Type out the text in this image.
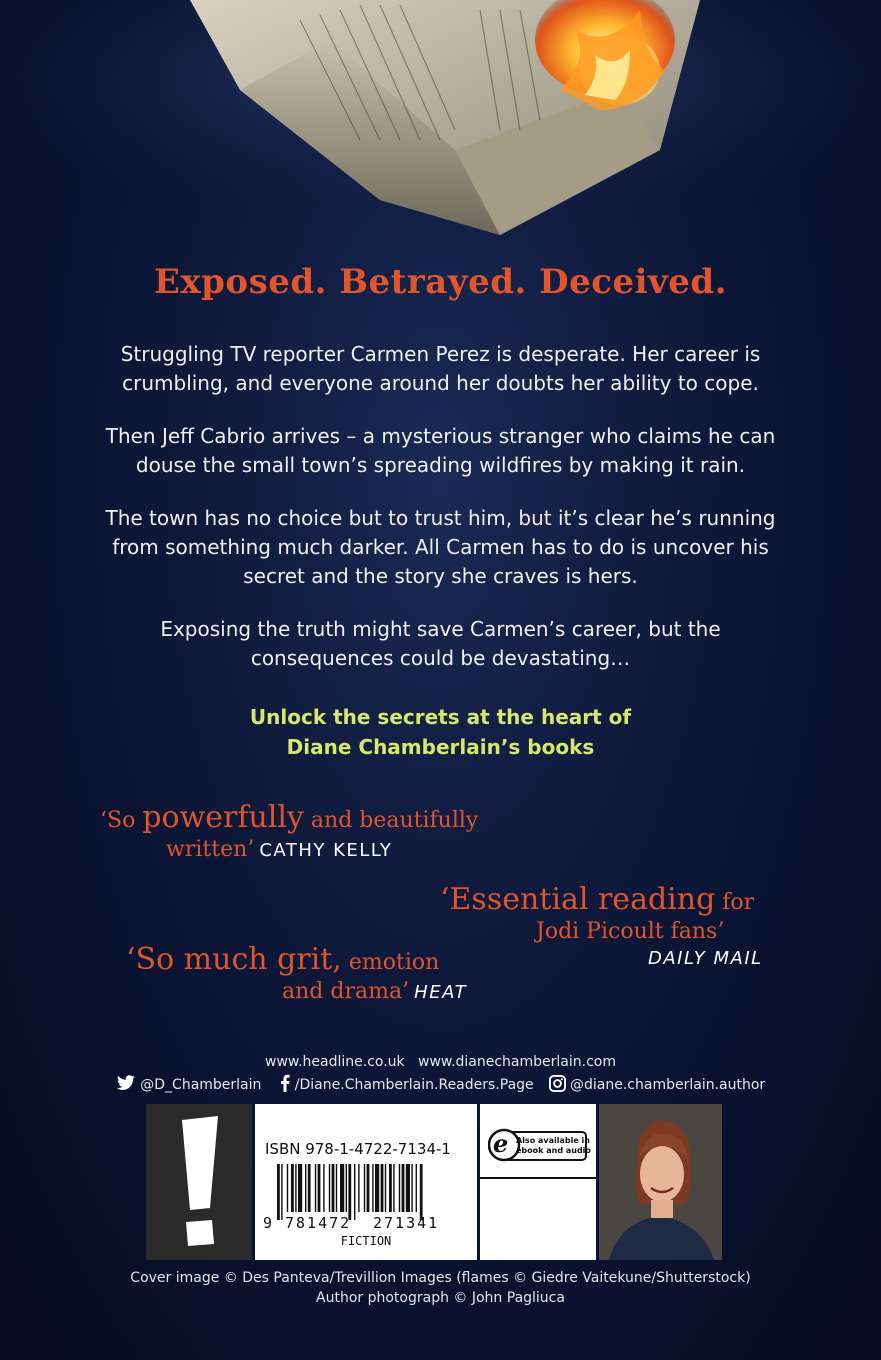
Exposed. Betrayed. Deceived.
Struggling TV reporter Carmen Perez is desperate. Her career is
crumbling, and everyone around her doubts her ability to cope.
Then Jeff Cabrio arrives – a mysterious stranger who claims he can
douse the small town’s spreading wildfires by making it rain.
The town has no choice but to trust him, but it’s clear he’s running
from something much darker. All Carmen has to do is uncover his
secret and the story she craves is hers.
Exposing the truth might save Carmen’s career, but the
consequences could be devastating…
Unlock the secrets at the heart of
Diane Chamberlain’s books
‘So powerfully and beautifully
written’ CATHY KELLY
‘Essential reading for
Jodi Picoult fans’
DAILY MAIL
‘So much grit, emotion
and drama’ HEAT
www.headline.co.uk   www.dianechamberlain.com
@D_Chamberlain /Diane.Chamberlain.Readers.Page	@diane.chamberlain.author
ISBN 978-1-4722-7134-1
9 781472 271341
FICTION
e Also available in
ebook and audio
Cover image © Des Panteva/Trevillion Images (flames © Giedre Vaitekune/Shutterstock)
Author photograph © John Pagliuca
